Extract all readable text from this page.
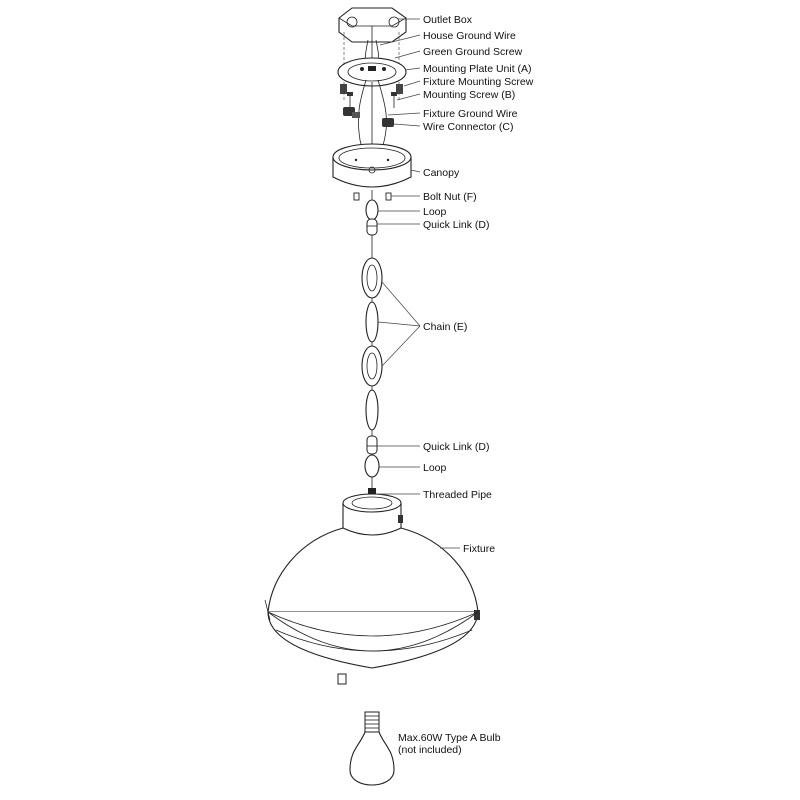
Outlet Box
House Ground Wire
Green Ground Screw
Mounting Plate Unit (A)
Fixture Mounting Screw
Mounting Screw (B)
Fixture Ground Wire
Wire Connector (C)
Canopy
Bolt Nut (F)
Loop
Quick Link (D)
Chain (E)
Quick Link (D)
Loop
Threaded Pipe
Fixture
Max.60W Type A Bulb
(not included)
